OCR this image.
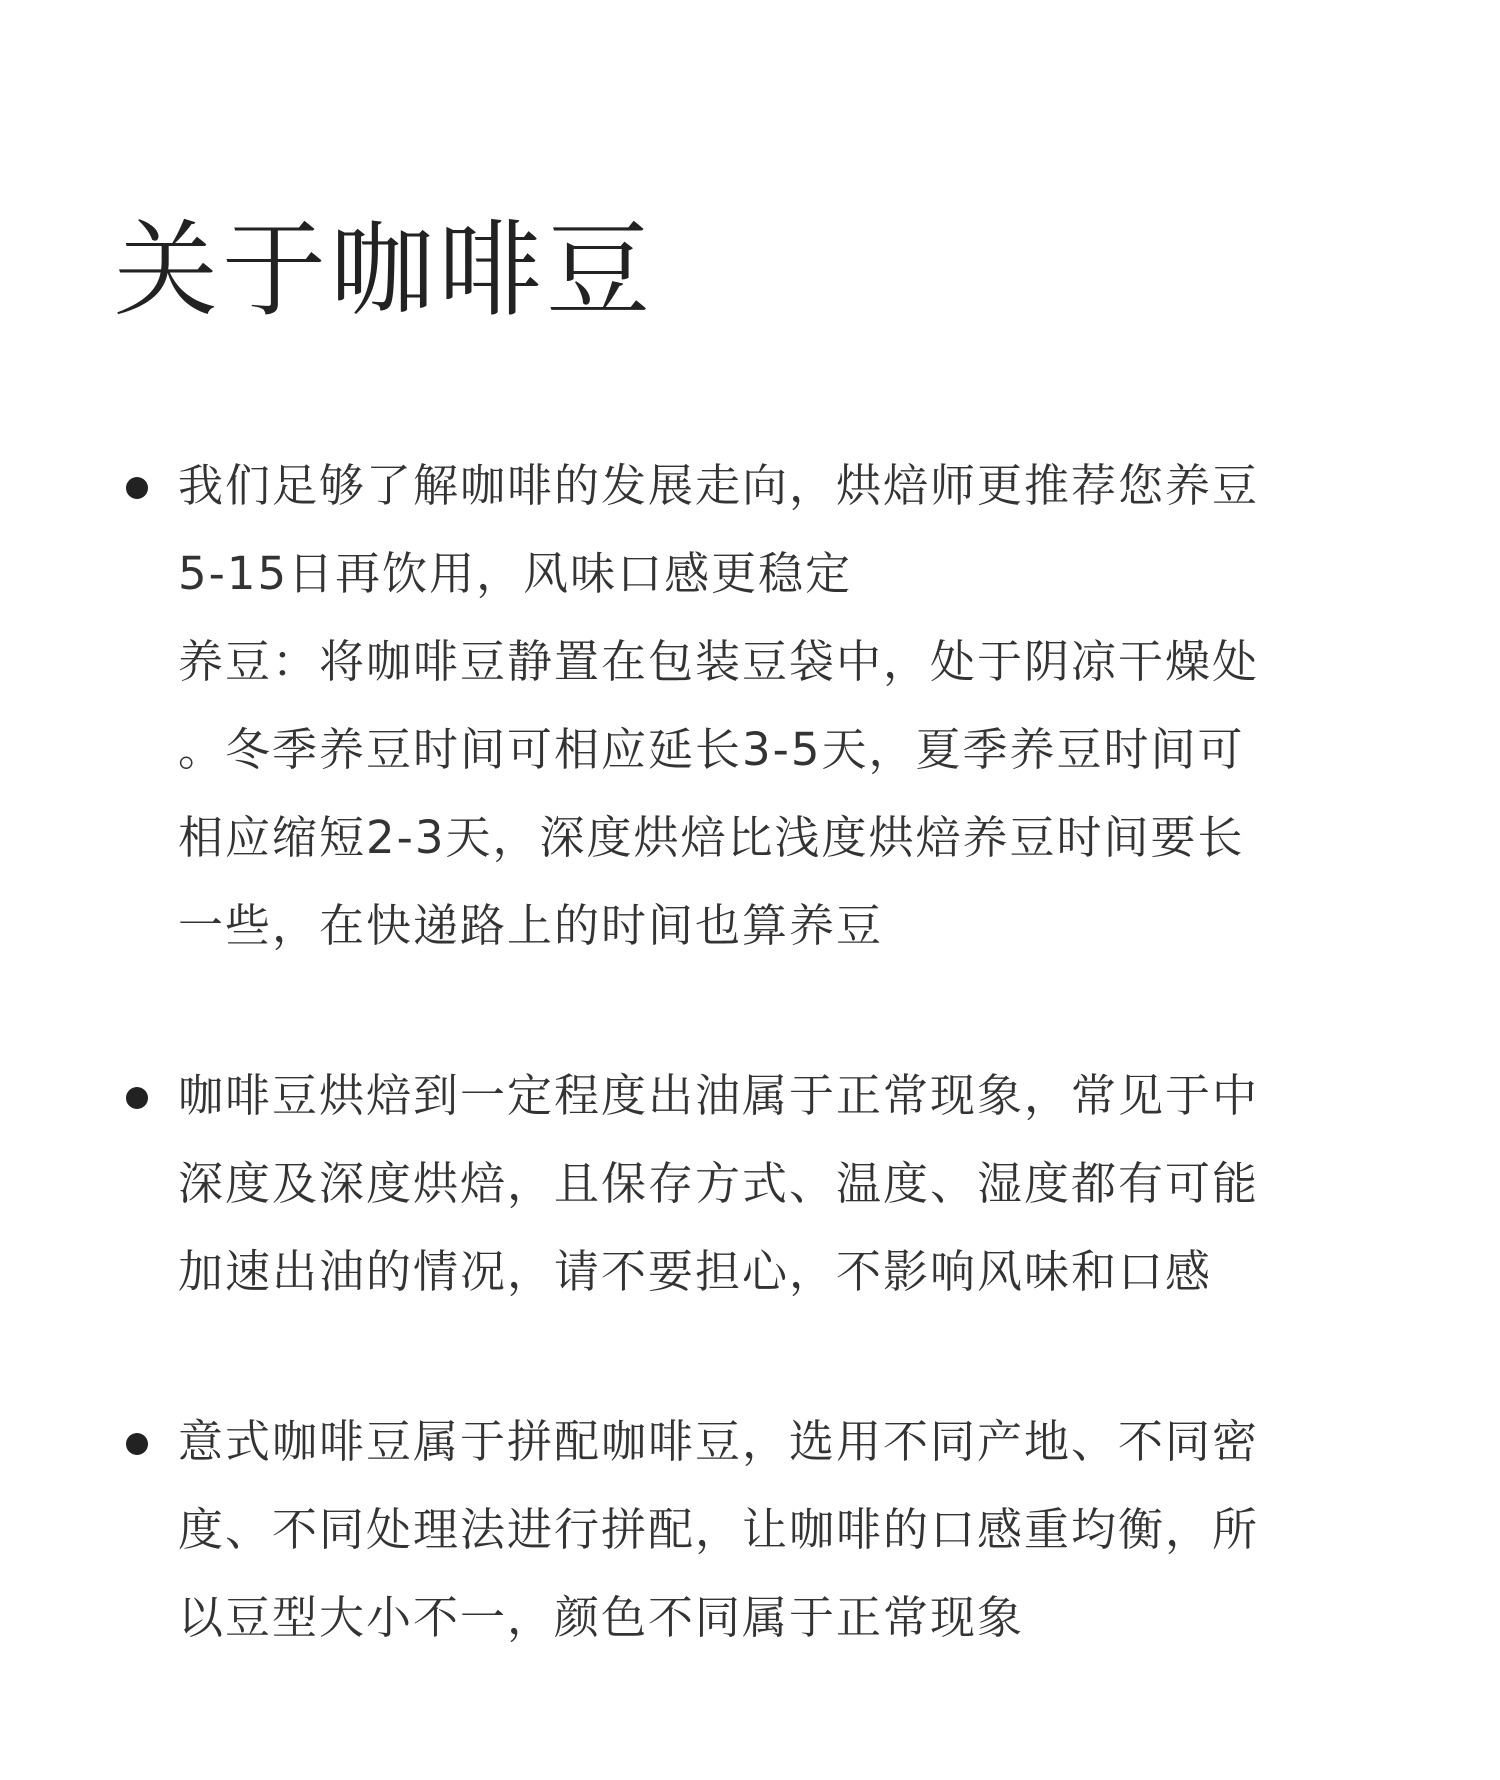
关于咖啡豆

我们足够了解咖啡的发展走向，烘焙师更推荐您养豆
5-15日再饮用，风味口感更稳定
养豆：将咖啡豆静置在包装豆袋中，处于阴凉干燥处
。冬季养豆时间可相应延长3-5天，夏季养豆时间可
相应缩短2-3天，深度烘焙比浅度烘焙养豆时间要长
一些，在快递路上的时间也算养豆

咖啡豆烘焙到一定程度出油属于正常现象，常见于中
深度及深度烘焙，且保存方式、温度、湿度都有可能
加速出油的情况，请不要担心，不影响风味和口感

意式咖啡豆属于拼配咖啡豆，选用不同产地、不同密
度、不同处理法进行拼配，让咖啡的口感重均衡，所
以豆型大小不一，颜色不同属于正常现象
